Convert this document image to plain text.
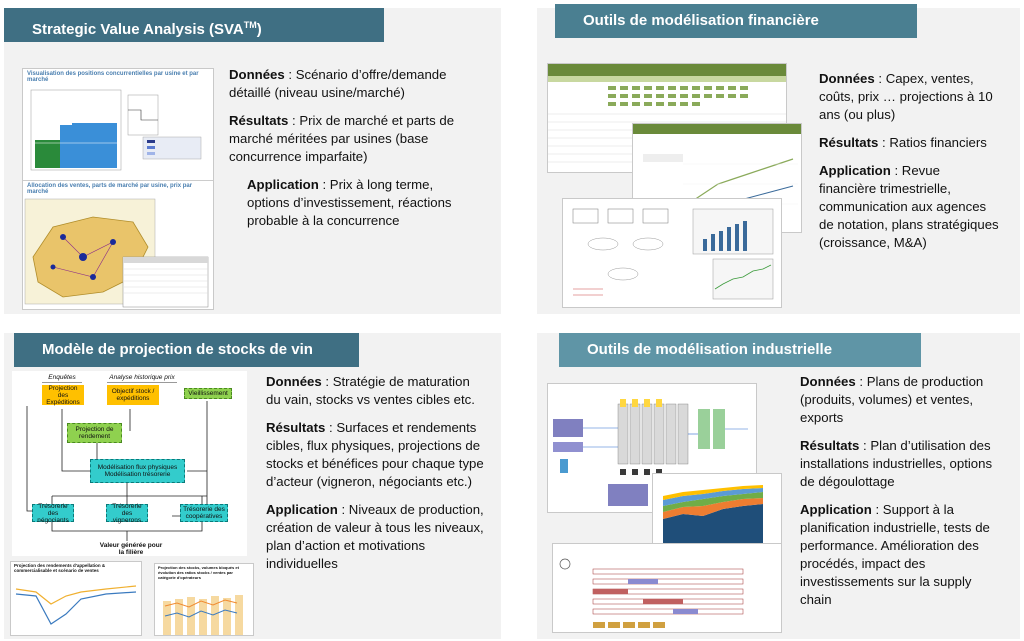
Strategic Value Analysis (SVA™)
Visualisation des positions concurrentielles par usine et par marché
Allocation des ventes, parts de marché par usine, prix par marché

Données : Scénario d’offre/demande détaillé (niveau usine/marché)

Résultats : Prix de marché et parts de marché méritées par usines (base concurrence imparfaite)

Application : Prix à long terme, options d’investissement, réactions probable à la concurrence

Outils de modélisation financière

Données : Capex, ventes, coûts, prix … projections à 10 ans (ou plus)

Résultats : Ratios financiers

Application : Revue financière trimestrielle, communication aux agences de notation, plans stratégiques (croissance, M&A)

Modèle de projection de stocks de vin
Enquêtes	Analyse historique prix
Projection des Expéditions
Objectif stock / expéditions
Vieillissement
Projection de rendement
Modélisation flux physiques Modélisation trésorerie
Trésorerie des négociants
Trésorerie des vignerons
Trésorerie des coopératives
Valeur générée pour la filière
Projection des rendements d'appellation & commercialisable et scénario de ventes
Projection des stocks, volumes bloqués et évolution des ratios stocks / ventes par catégorie d'opérateurs

Données : Stratégie de maturation du vain, stocks vs ventes cibles etc.

Résultats : Surfaces et rendements cibles, flux physiques, projections de stocks et bénéfices pour chaque type d’acteur (vigneron, négociants etc.)

Application : Niveaux de production, création de valeur à tous les niveaux, plan d’action et motivations individuelles

Outils de modélisation industrielle

Données : Plans de production (produits, volumes) et ventes, exports

Résultats : Plan d’utilisation des installations industrielles, options de dégoulottage

Application : Support à la planification industrielle, tests de performance. Amélioration des procédés, impact des investissements sur la supply chain
